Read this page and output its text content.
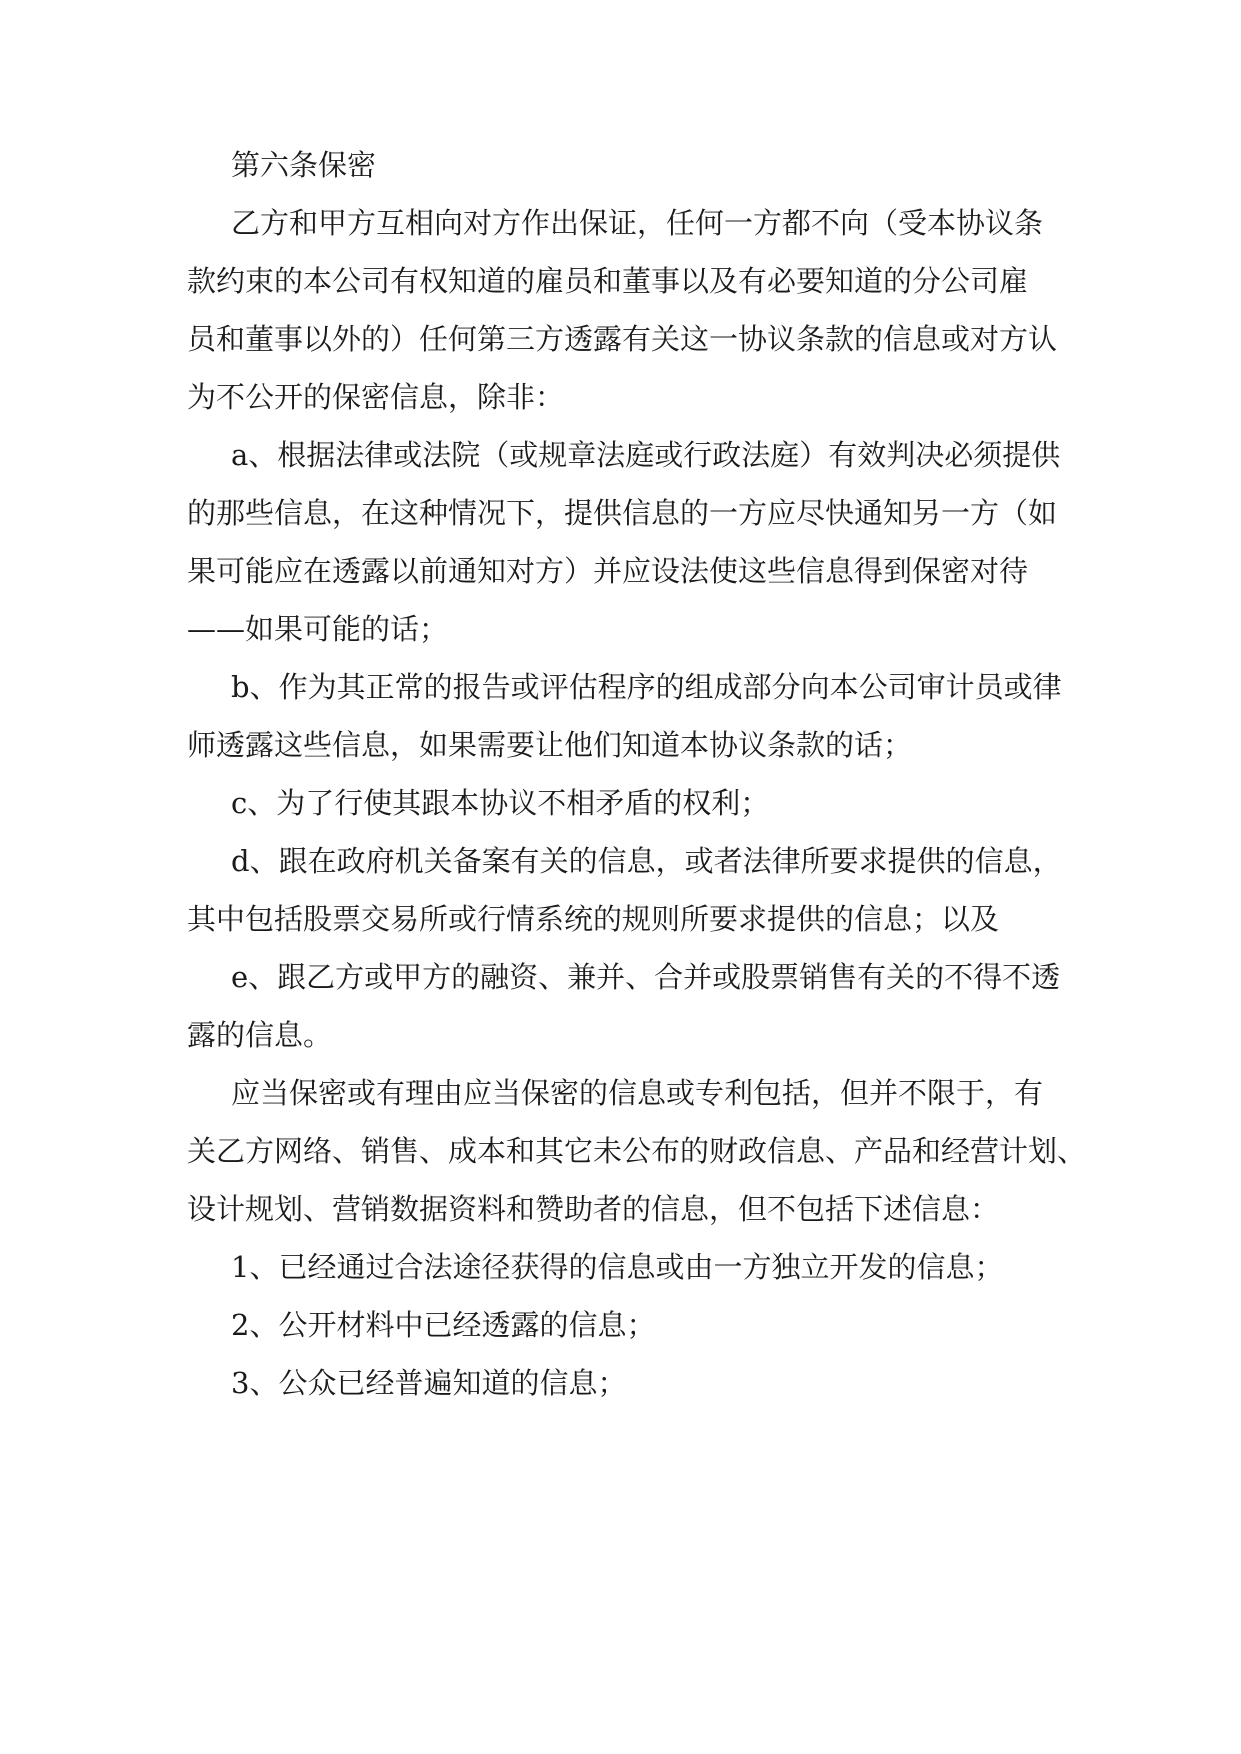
第六条保密

乙方和甲方互相向对方作出保证，任何一方都不向（受本协议条

款约束的本公司有权知道的雇员和董事以及有必要知道的分公司雇

员和董事以外的）任何第三方透露有关这一协议条款的信息或对方认

为不公开的保密信息，除非：

a、根据法律或法院（或规章法庭或行政法庭）有效判决必须提供

的那些信息，在这种情况下，提供信息的一方应尽快通知另一方（如

果可能应在透露以前通知对方）并应设法使这些信息得到保密对待

——如果可能的话；

b、作为其正常的报告或评估程序的组成部分向本公司审计员或律

师透露这些信息，如果需要让他们知道本协议条款的话；

c、为了行使其跟本协议不相矛盾的权利；

d、跟在政府机关备案有关的信息，或者法律所要求提供的信息，

其中包括股票交易所或行情系统的规则所要求提供的信息；以及

e、跟乙方或甲方的融资、兼并、合并或股票销售有关的不得不透

露的信息。

应当保密或有理由应当保密的信息或专利包括，但并不限于，有

关乙方网络、销售、成本和其它未公布的财政信息、产品和经营计划、

设计规划、营销数据资料和赞助者的信息，但不包括下述信息：

1、已经通过合法途径获得的信息或由一方独立开发的信息；

2、公开材料中已经透露的信息；

3、公众已经普遍知道的信息；
